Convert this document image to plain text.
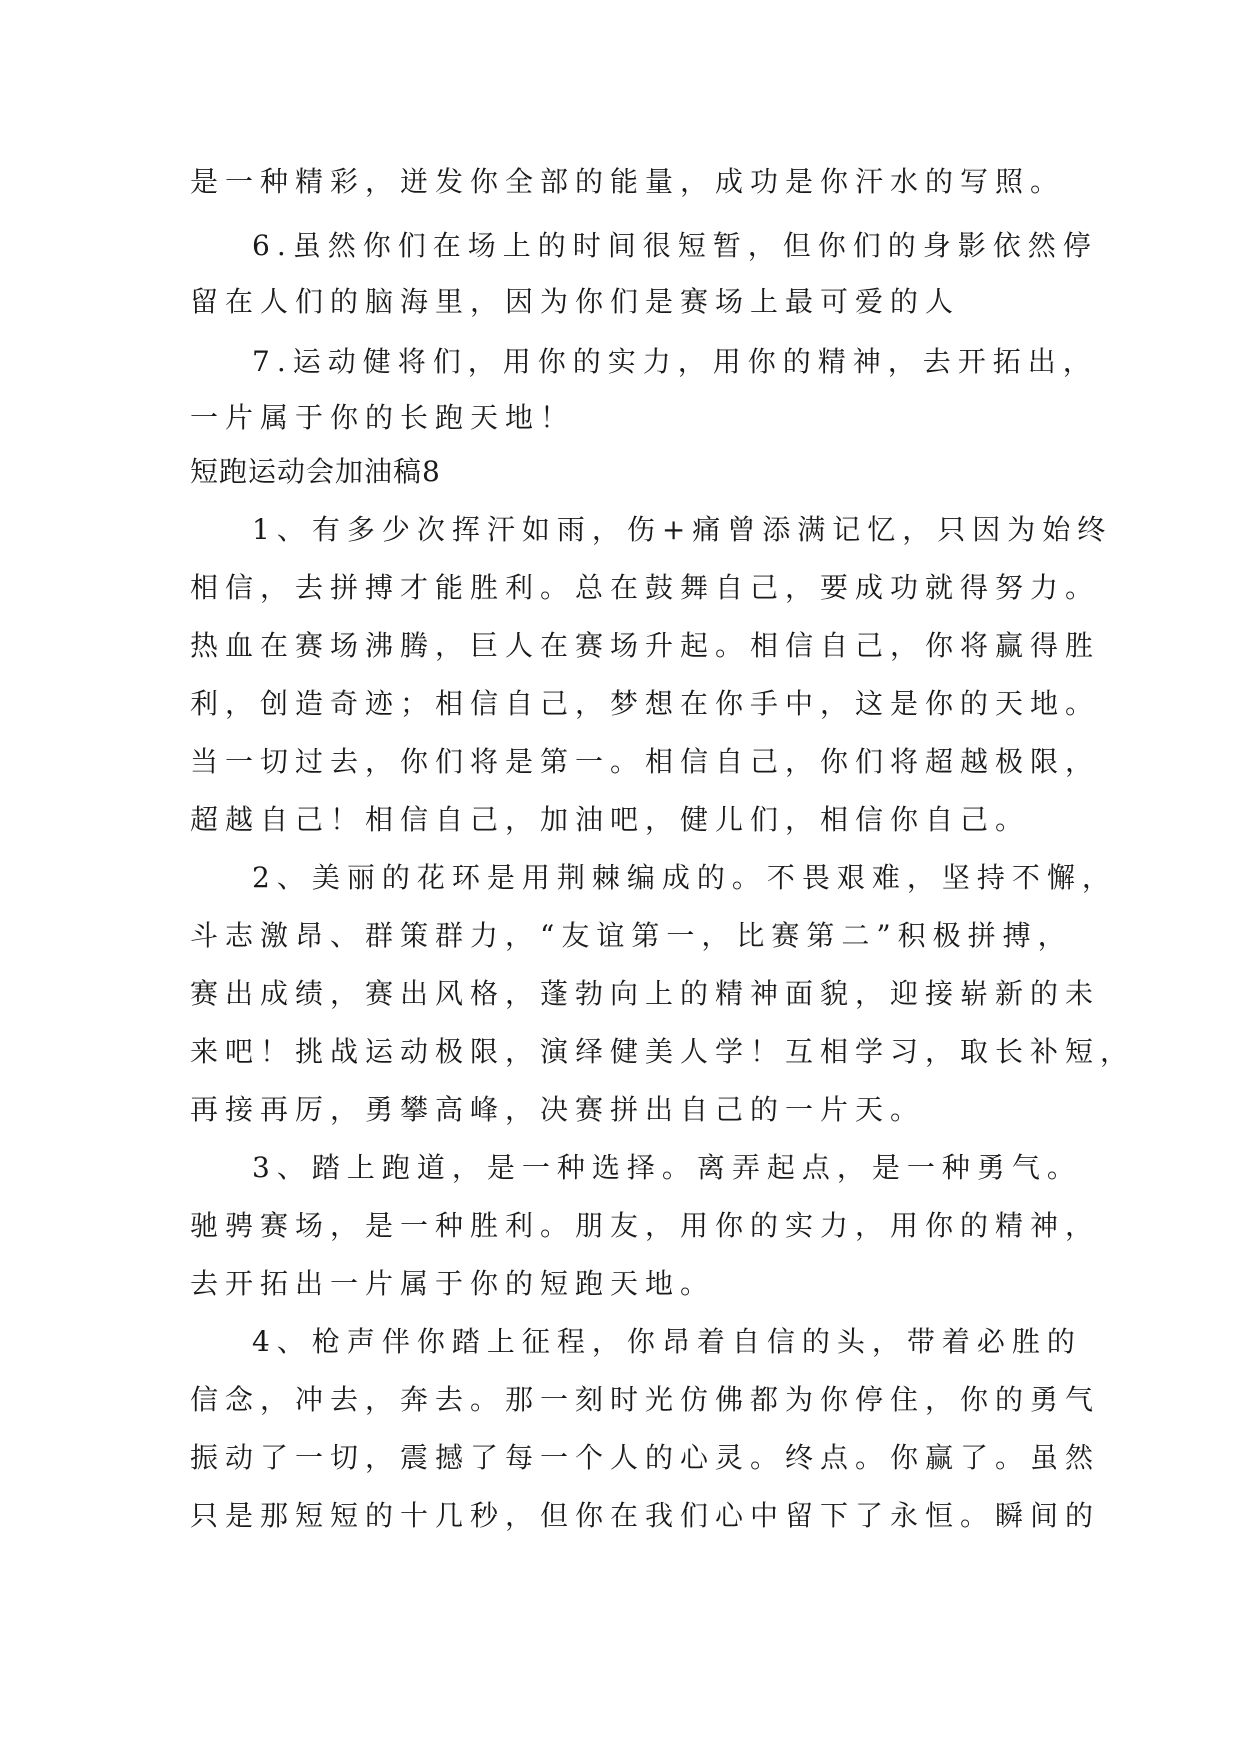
是一种精彩，迸发你全部的能量，成功是你汗水的写照。
6.虽然你们在场上的时间很短暂，但你们的身影依然停
留在人们的脑海里，因为你们是赛场上最可爱的人
7.运动健将们，用你的实力，用你的精神，去开拓出，
一片属于你的长跑天地！
短跑运动会加油稿8
1、有多少次挥汗如雨，伤+痛曾添满记忆，只因为始终
相信，去拼搏才能胜利。总在鼓舞自己，要成功就得努力。
热血在赛场沸腾，巨人在赛场升起。相信自己，你将赢得胜
利，创造奇迹；相信自己，梦想在你手中，这是你的天地。
当一切过去，你们将是第一。相信自己，你们将超越极限，
超越自己！相信自己，加油吧，健儿们，相信你自己。
2、美丽的花环是用荆棘编成的。不畏艰难，坚持不懈，
斗志激昂、群策群力，“友谊第一，比赛第二”积极拼搏，
赛出成绩，赛出风格，蓬勃向上的精神面貌，迎接崭新的未
来吧！挑战运动极限，演绎健美人学！互相学习，取长补短，
再接再厉，勇攀高峰，决赛拼出自己的一片天。
3、踏上跑道，是一种选择。离弄起点，是一种勇气。
驰骋赛场，是一种胜利。朋友，用你的实力，用你的精神，
去开拓出一片属于你的短跑天地。
4、枪声伴你踏上征程，你昂着自信的头，带着必胜的
信念，冲去，奔去。那一刻时光仿佛都为你停住，你的勇气
振动了一切，震撼了每一个人的心灵。终点。你赢了。虽然
只是那短短的十几秒，但你在我们心中留下了永恒。瞬间的
